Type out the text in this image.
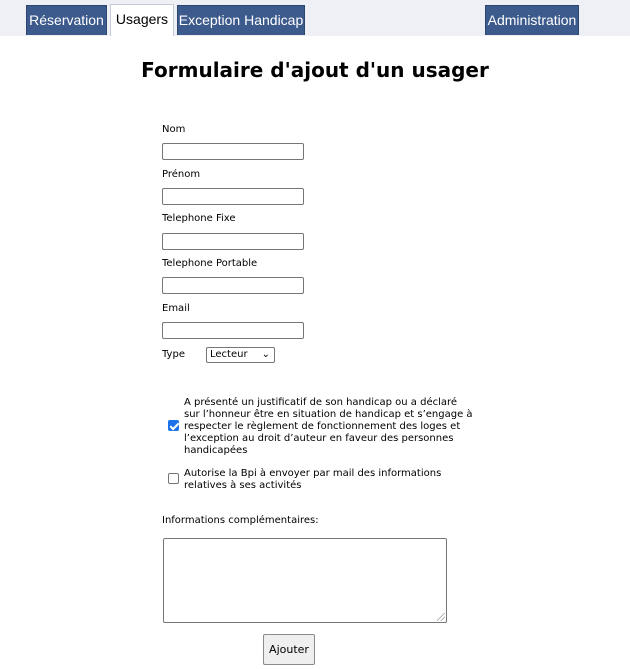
Réservation Usagers Exception Handicap	Administration
Formulaire d'ajout d'un usager
Nom
Prénom
Telephone Fixe
Telephone Portable
Email
Type	Lecteur ⌄
A présenté un justificatif de son handicap ou a déclaré sur l’honneur être en situation de handicap et s’engage à respecter le règlement de fonctionnement des loges et l’exception au droit d’auteur en faveur des personnes handicapées
Autorise la Bpi à envoyer par mail des informations relatives à ses activités
Informations complémentaires:
Ajouter
